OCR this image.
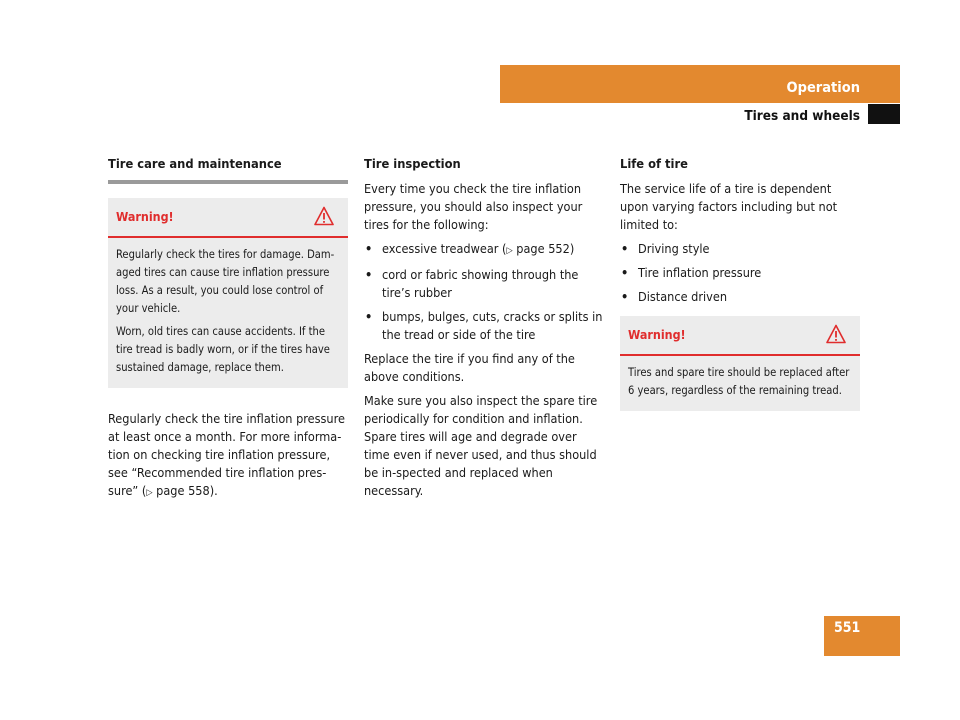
Operation
Tires and wheels

Tire care and maintenance

Warning!

Regularly check the tires for damage. Dam-aged tires can cause tire inflation pressure loss. As a result, you could lose control of your vehicle.

Worn, old tires can cause accidents. If the tire tread is badly worn, or if the tires have sustained damage, replace them.

Regularly check the tire inflation pressure at least once a month. For more informa-tion on checking tire inflation pressure, see “Recommended tire inflation pres-sure” (▷ page 558).

Tire inspection

Every time you check the tire inflation pressure, you should also inspect your tires for the following:

• excessive treadwear (▷ page 552)
• cord or fabric showing through the tire’s rubber
• bumps, bulges, cuts, cracks or splits in the tread or side of the tire

Replace the tire if you find any of the above conditions.

Make sure you also inspect the spare tire periodically for condition and inflation. Spare tires will age and degrade over time even if never used, and thus should be in-spected and replaced when necessary.

Life of tire

The service life of a tire is dependent upon varying factors including but not limited to:

• Driving style
• Tire inflation pressure
• Distance driven
Warning!

Tires and spare tire should be replaced after 6 years, regardless of the remaining tread.

551
